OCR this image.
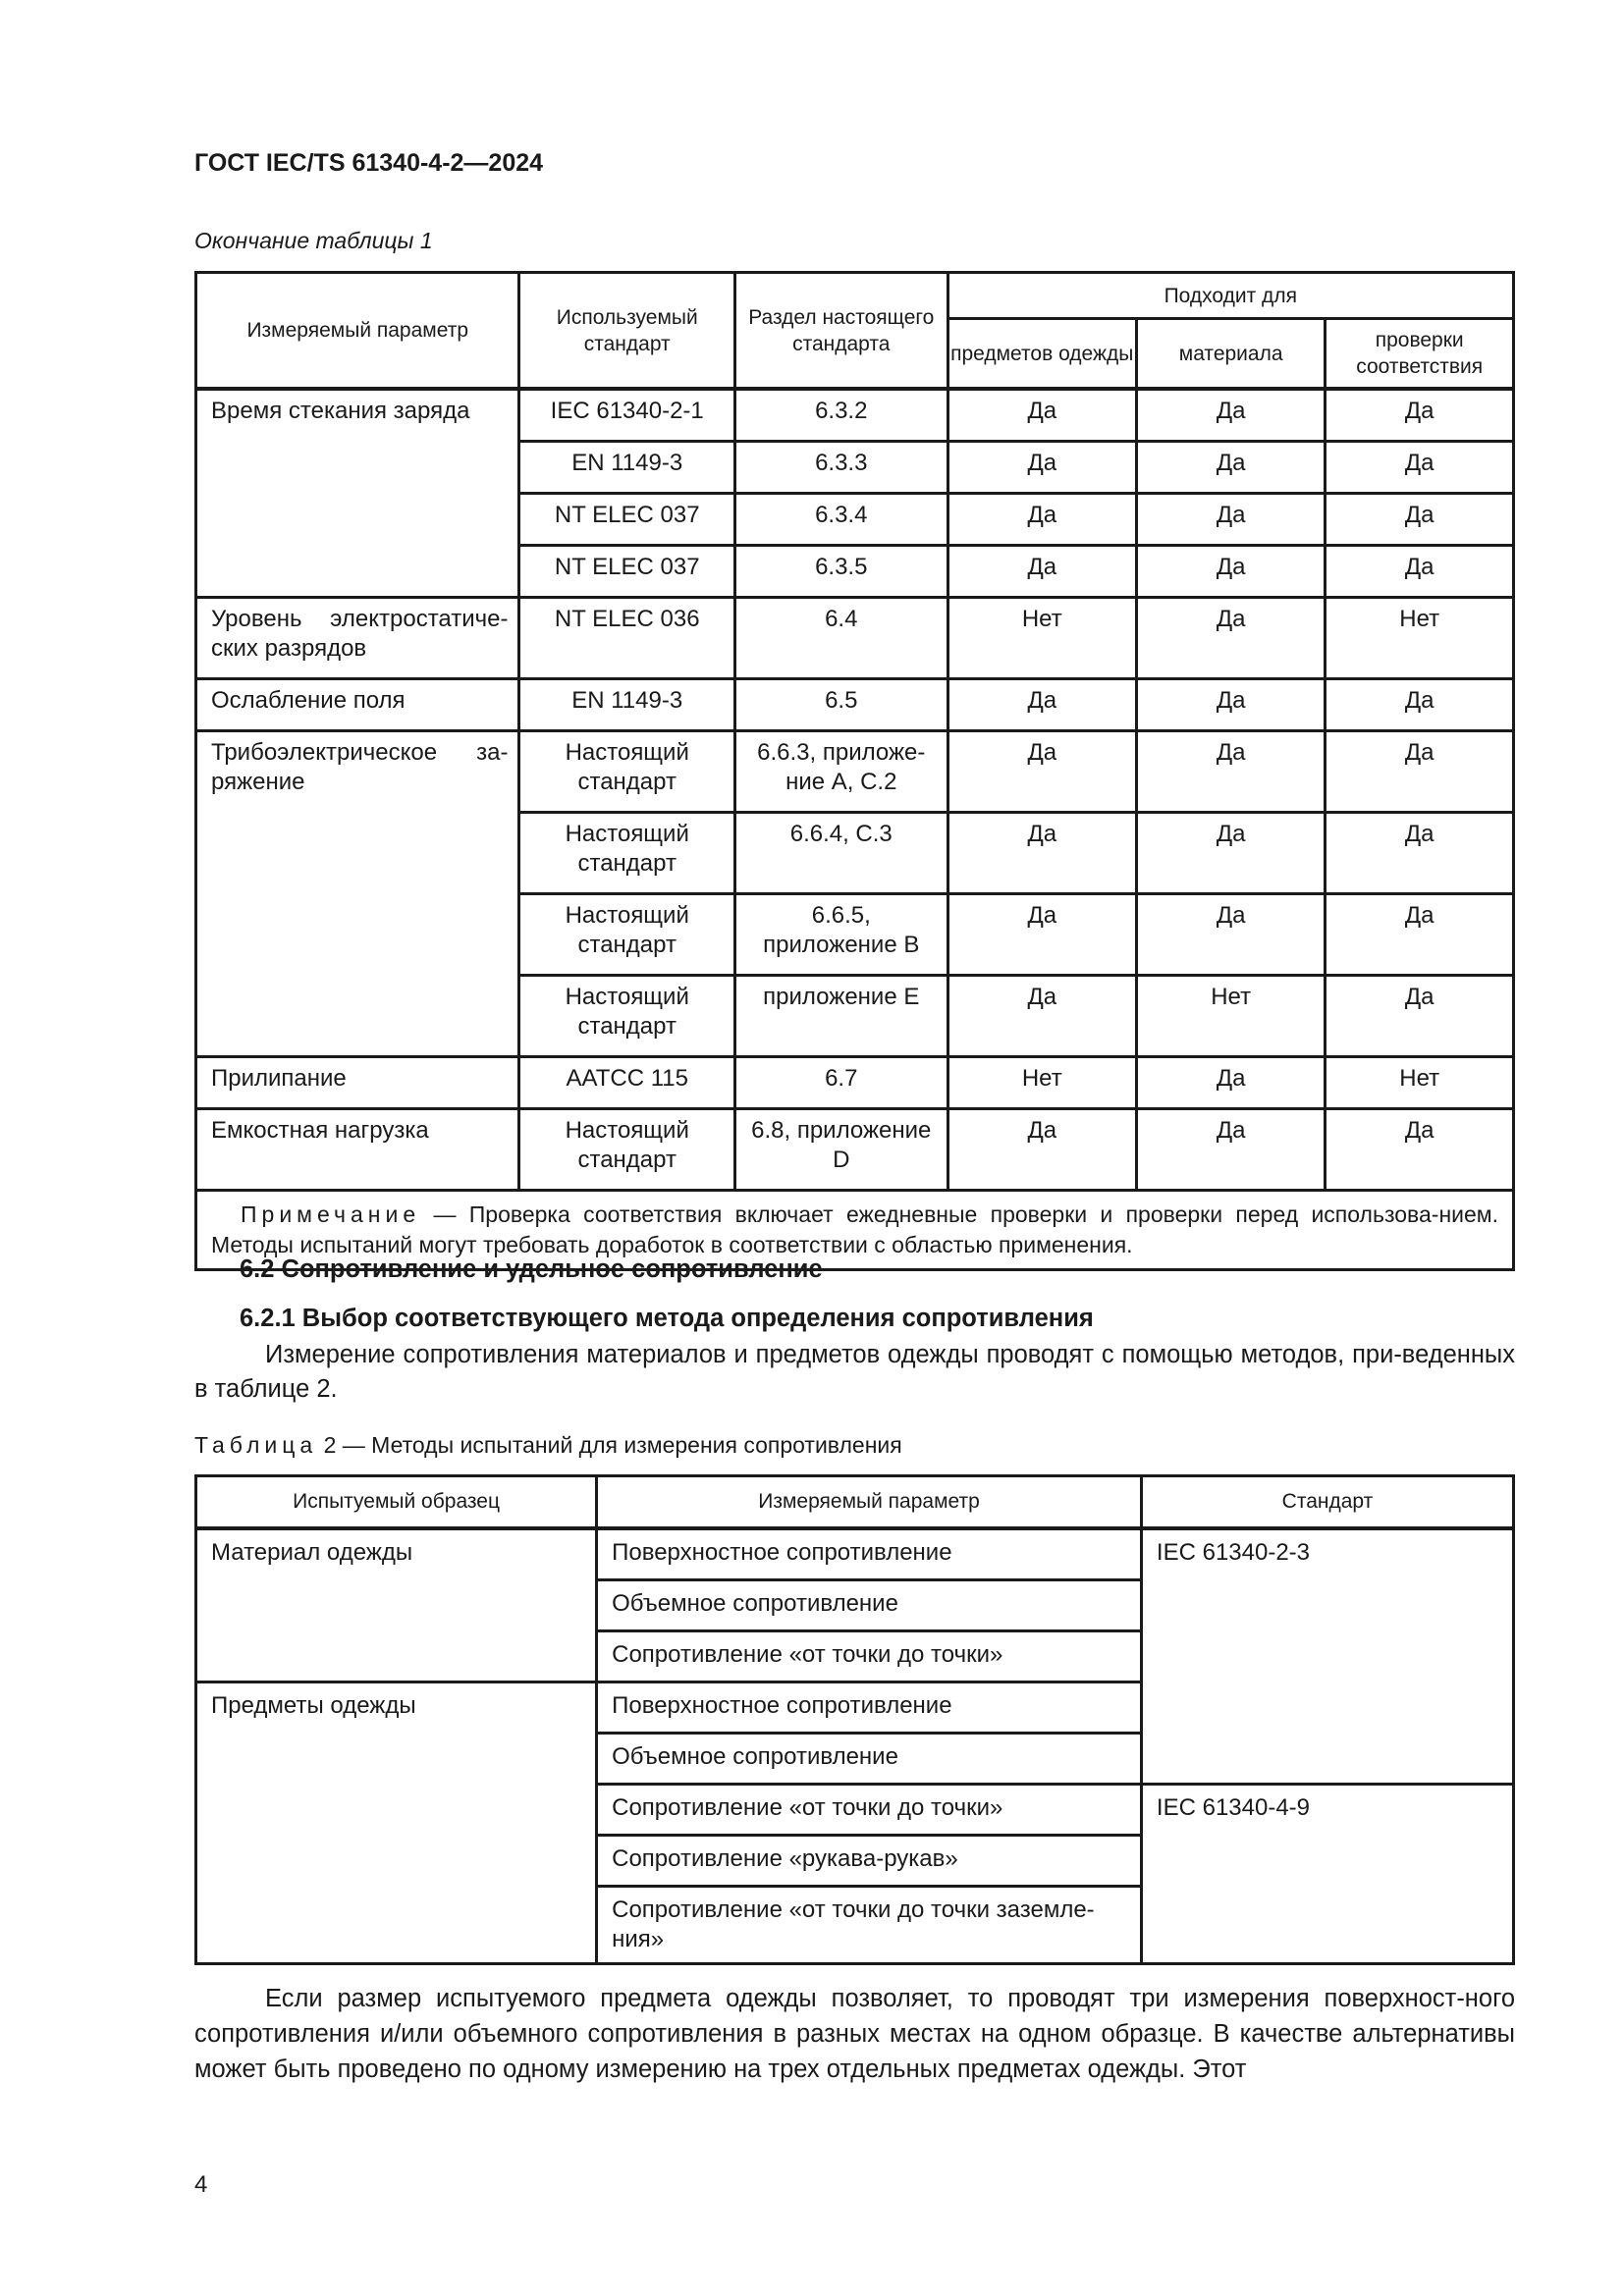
ГОСТ IEC/TS 61340-4-2—2024
Окончание таблицы 1
Измеряемый параметр	Используемый стандарт	Раздел настоящего стандарта	Подходит для		
			предметов одежды	материала	проверки соответствия
Время стекания заряда	IEC 61340-2-1	6.3.2	Да	Да	Да
	EN 1149-3	6.3.3	Да	Да	Да
	NT ELEC 037	6.3.4	Да	Да	Да
	NT ELEC 037	6.3.5	Да	Да	Да
Уровень электростатиче-ских разрядов	NT ELEC 036	6.4	Нет	Да	Нет
Ослабление поля	EN 1149-3	6.5	Да	Да	Да
Трибоэлектрическое за-ряжение	Настоящий стандарт	6.6.3, приложе-ние А, С.2	Да	Да	Да
	Настоящий стандарт	6.6.4, С.3	Да	Да	Да
	Настоящий стандарт	6.6.5, приложение В	Да	Да	Да
	Настоящий стандарт	приложение Е	Да	Нет	Да
Прилипание	AATCC 115	6.7	Нет	Да	Нет
Емкостная нагрузка	Настоящий стандарт	6.8, приложение D	Да	Да	Да
Примечание — Проверка соответствия включает ежедневные проверки и проверки перед использова-нием. Методы испытаний могут требовать доработок в соответствии с областью применения.					
6.2 Сопротивление и удельное сопротивление
6.2.1 Выбор соответствующего метода определения сопротивления
Измерение сопротивления материалов и предметов одежды проводят с помощью методов, при-веденных в таблице 2.
Таблица 2 — Методы испытаний для измерения сопротивления
Испытуемый образец	Измеряемый параметр	Стандарт
Материал одежды	Поверхностное сопротивление	IEC 61340-2-3
	Объемное сопротивление	
	Сопротивление «от точки до точки»	
Предметы одежды	Поверхностное сопротивление	
	Объемное сопротивление	
	Сопротивление «от точки до точки»	IEC 61340-4-9
	Сопротивление «рукава-рукав»	
	Сопротивление «от точки до точки заземле-ния»	
Если размер испытуемого предмета одежды позволяет, то проводят три измерения поверхност-ного сопротивления и/или объемного сопротивления в разных местах на одном образце. В качестве альтернативы может быть проведено по одному измерению на трех отдельных предметах одежды. Этот
4
